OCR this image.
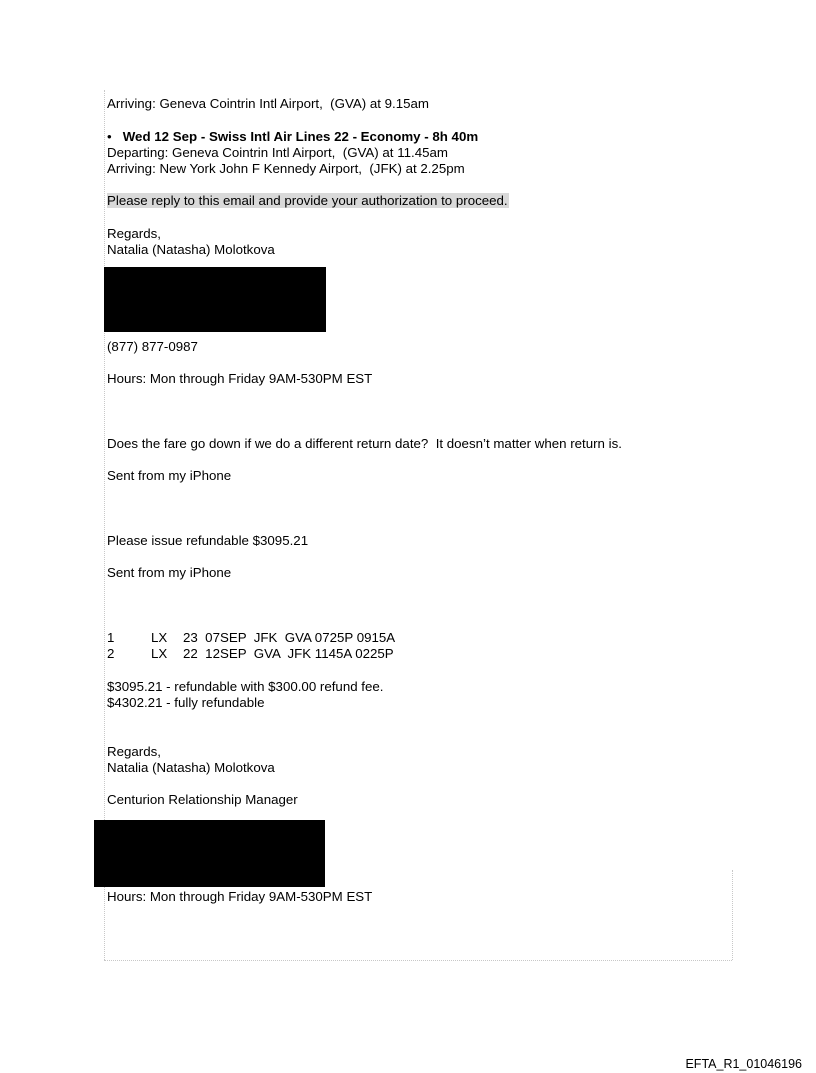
Arriving: Geneva Cointrin Intl Airport,  (GVA) at 9.15am
• Wed 12 Sep - Swiss Intl Air Lines 22 - Economy - 8h 40m
Departing: Geneva Cointrin Intl Airport,  (GVA) at 11.45am
Arriving: New York John F Kennedy Airport,  (JFK) at 2.25pm
Please reply to this email and provide your authorization to proceed.
Regards,
Natalia (Natasha) Molotkova
(877) 877-0987
Hours: Mon through Friday 9AM-530PM EST
Does the fare go down if we do a different return date?  It doesn’t matter when return is.
Sent from my iPhone
Please issue refundable $3095.21
Sent from my iPhone
1	LX 23  07SEP  JFK  GVA 0725P 0915A
2	LX 22  12SEP  GVA  JFK 1145A 0225P
$3095.21 - refundable with $300.00 refund fee.
$4302.21 - fully refundable
Regards,
Natalia (Natasha) Molotkova
Centurion Relationship Manager
Hours: Mon through Friday 9AM-530PM EST
EFTA_R1_01046196
